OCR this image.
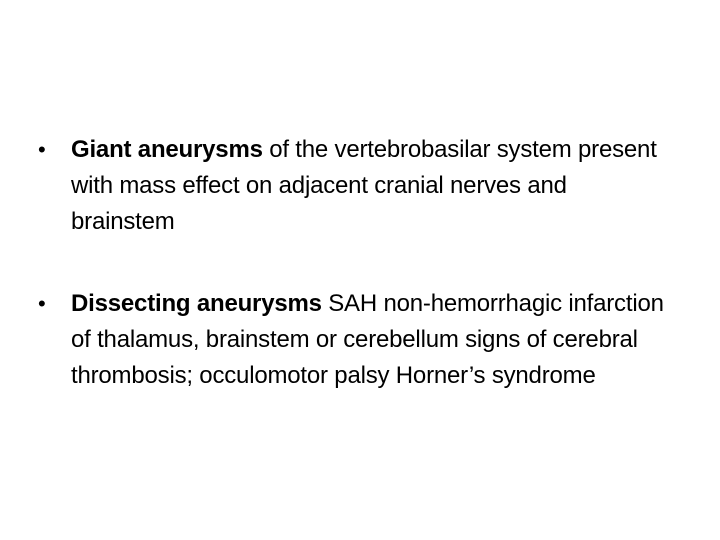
• Giant aneurysms of the vertebrobasilar system present with mass effect on adjacent cranial nerves and brainstem
• Dissecting aneurysms SAH non-hemorrhagic infarction of thalamus, brainstem or cerebellum signs of cerebral thrombosis; occulomotor palsy Horner’s syndrome
